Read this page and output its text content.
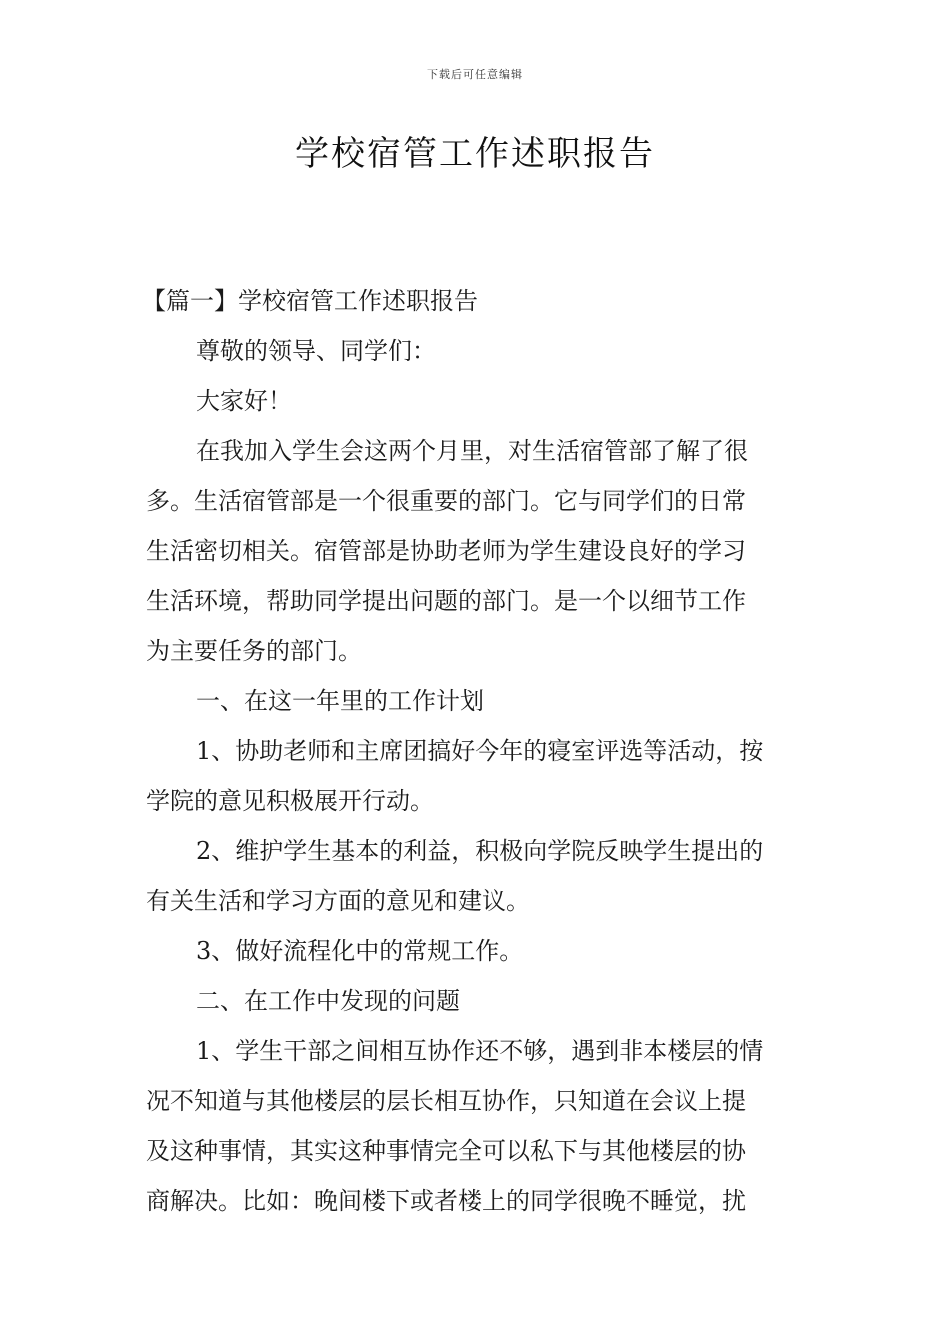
下载后可任意编辑
学校宿管工作述职报告
【篇一】学校宿管工作述职报告
尊敬的领导、同学们：
大家好！
在我加入学生会这两个月里，对生活宿管部了解了很
多。生活宿管部是一个很重要的部门。它与同学们的日常
生活密切相关。宿管部是协助老师为学生建设良好的学习
生活环境，帮助同学提出问题的部门。是一个以细节工作
为主要任务的部门。
一、在这一年里的工作计划
1、协助老师和主席团搞好今年的寝室评选等活动，按
学院的意见积极展开行动。
2、维护学生基本的利益，积极向学院反映学生提出的
有关生活和学习方面的意见和建议。
3、做好流程化中的常规工作。
二、在工作中发现的问题
1、学生干部之间相互协作还不够，遇到非本楼层的情
况不知道与其他楼层的层长相互协作，只知道在会议上提
及这种事情，其实这种事情完全可以私下与其他楼层的协
商解决。比如：晚间楼下或者楼上的同学很晚不睡觉，扰
